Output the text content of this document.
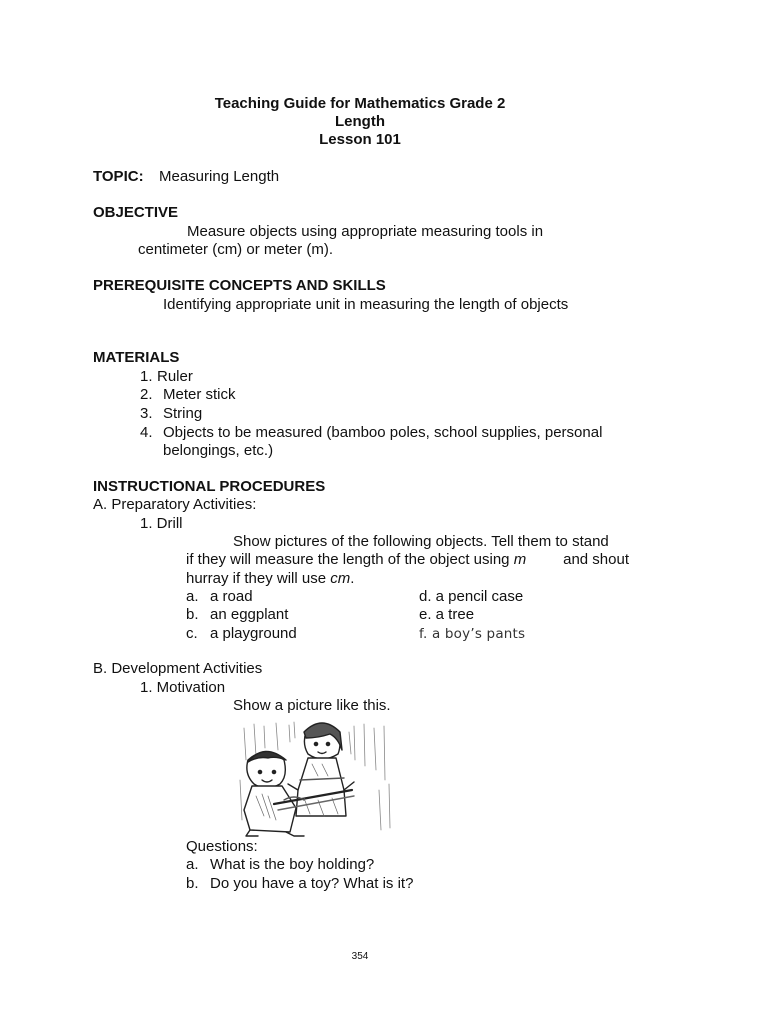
Teaching Guide for Mathematics Grade 2
Length
Lesson 101
TOPIC: Measuring Length
OBJECTIVE
Measure objects using appropriate measuring tools in
centimeter (cm) or meter (m).
PREREQUISITE CONCEPTS AND SKILLS
Identifying appropriate unit in measuring the length of objects
MATERIALS
1. Ruler
2. Meter stick
3. String
4. Objects to be measured (bamboo poles, school supplies, personal
belongings, etc.)
INSTRUCTIONAL PROCEDURES
A. Preparatory Activities:
1. Drill
Show pictures of the following objects. Tell them to stand
if they will measure the length of the object using m and shout
hurray if they will use cm.
a. a road
b. an eggplant
c. a playground
d. a pencil case
e. a tree
f. a boy’s pants
B. Development Activities
1. Motivation
Show a picture like this.
Questions:
a. What is the boy holding?
b. Do you have a toy? What is it?
354
